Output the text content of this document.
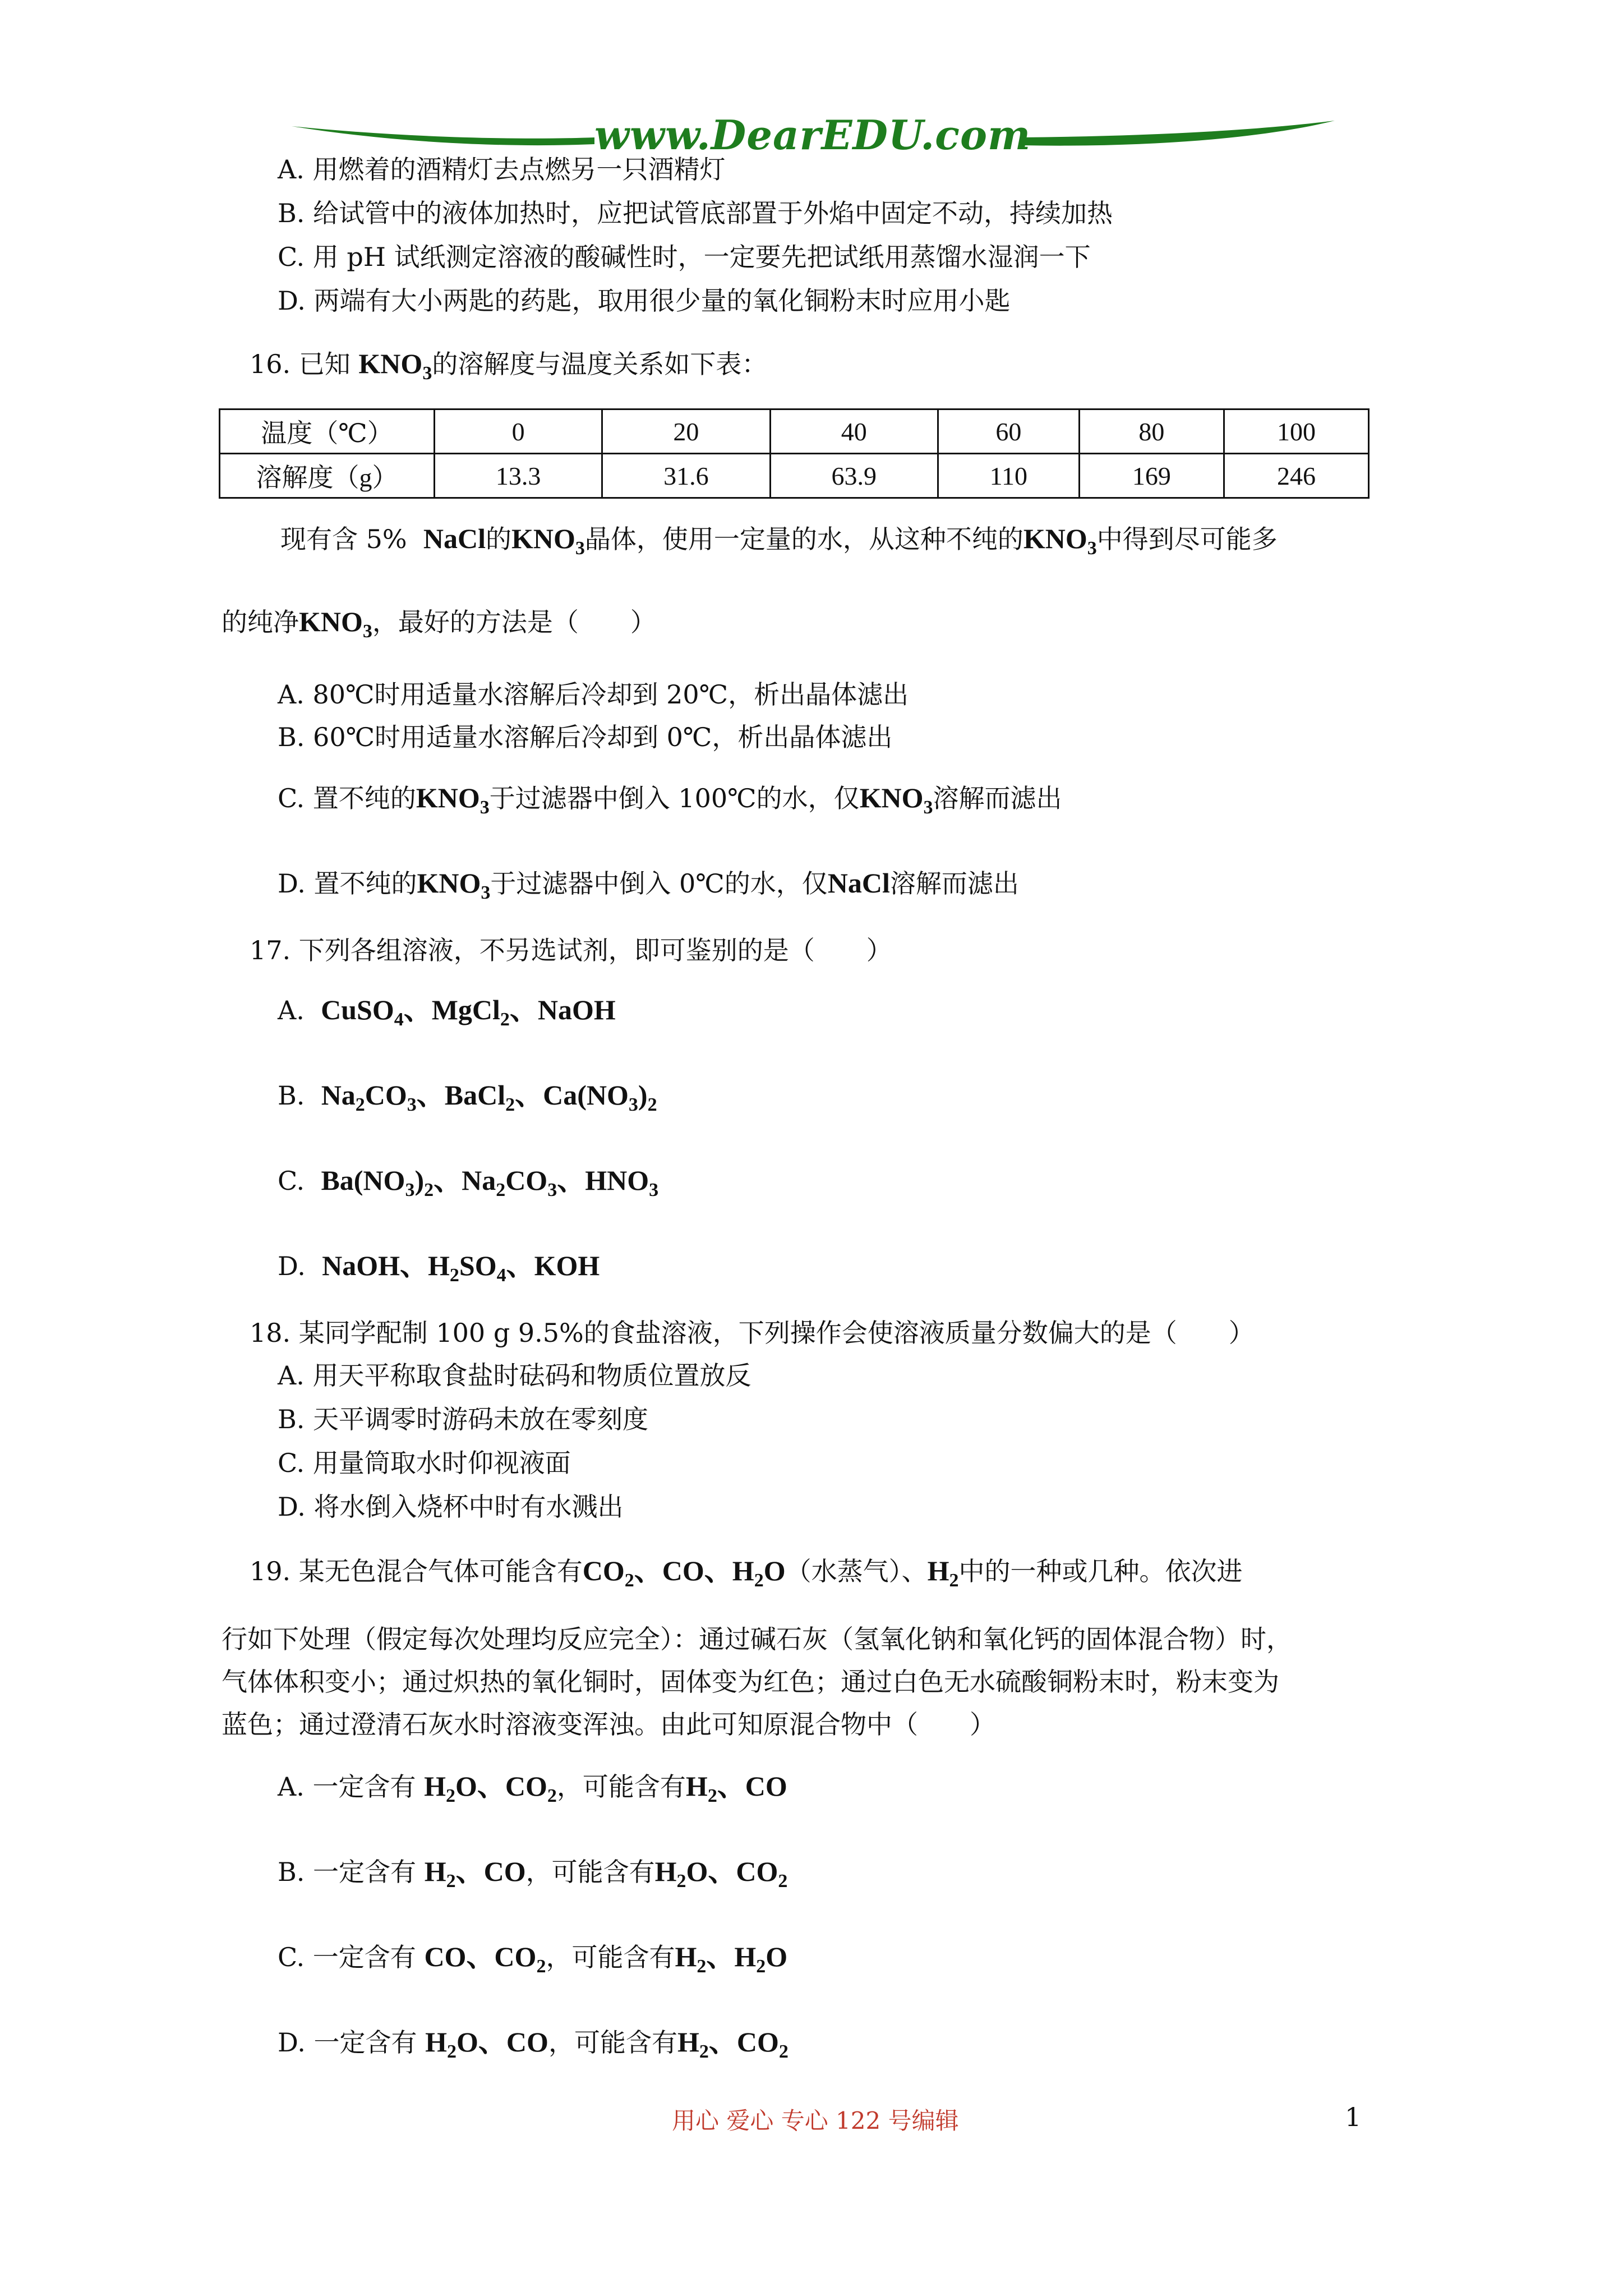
www.DearEDU.com
A. 用燃着的酒精灯去点燃另一只酒精灯
B. 给试管中的液体加热时，应把试管底部置于外焰中固定不动，持续加热
C. 用 pH 试纸测定溶液的酸碱性时，一定要先把试纸用蒸馏水湿润一下
D. 两端有大小两匙的药匙，取用很少量的氧化铜粉末时应用小匙
16. 已知 $KNO_3$的溶解度与温度关系如下表：
温度（℃）	0	20	40	60	80	100
溶解度（g）	13.3	31.6	63.9	110	169	246
现有含 5% NaCl的$KNO_3$晶体，使用一定量的水，从这种不纯的$KNO_3$中得到尽可能多
的纯净$KNO_3$，最好的方法是（　　）
A. 80℃时用适量水溶解后冷却到 20℃，析出晶体滤出
B. 60℃时用适量水溶解后冷却到 0℃，析出晶体滤出
C. 置不纯的$KNO_3$于过滤器中倒入 100℃的水，仅$KNO_3$溶解而滤出
D. 置不纯的$KNO_3$于过滤器中倒入 0℃的水，仅NaCl溶解而滤出
17. 下列各组溶液，不另选试剂，即可鉴别的是（　　）
A. CuSO$_4$、MgCl$_2$、NaOH
B. $Na_2CO_3$、BaCl$_2$、$Ca(NO_3)_2$
C. $Ba(NO_3)_2$、$Na_2CO_3$、$HNO_3$
D. NaOH、$H_2SO_4$、KOH
18. 某同学配制 100 g 9.5%的食盐溶液，下列操作会使溶液质量分数偏大的是（　　）
A. 用天平称取食盐时砝码和物质位置放反
B. 天平调零时游码未放在零刻度
C. 用量筒取水时仰视液面
D. 将水倒入烧杯中时有水溅出
19. 某无色混合气体可能含有$CO_2$、CO、$H_2O$（水蒸气）、$H_2$中的一种或几种。依次进
行如下处理（假定每次处理均反应完全）：通过碱石灰（氢氧化钠和氧化钙的固体混合物）时，
气体体积变小；通过炽热的氧化铜时，固体变为红色；通过白色无水硫酸铜粉末时，粉末变为
蓝色；通过澄清石灰水时溶液变浑浊。由此可知原混合物中（　　）
A. 一定含有 $H_2O$、$CO_2$，可能含有$H_2$、CO
B. 一定含有 $H_2$、CO，可能含有$H_2O$、$CO_2$
C. 一定含有 CO、$CO_2$，可能含有$H_2$、$H_2O$
D. 一定含有 $H_2O$、CO，可能含有$H_2$、$CO_2$
用心 爱心 专心 122 号编辑	1
